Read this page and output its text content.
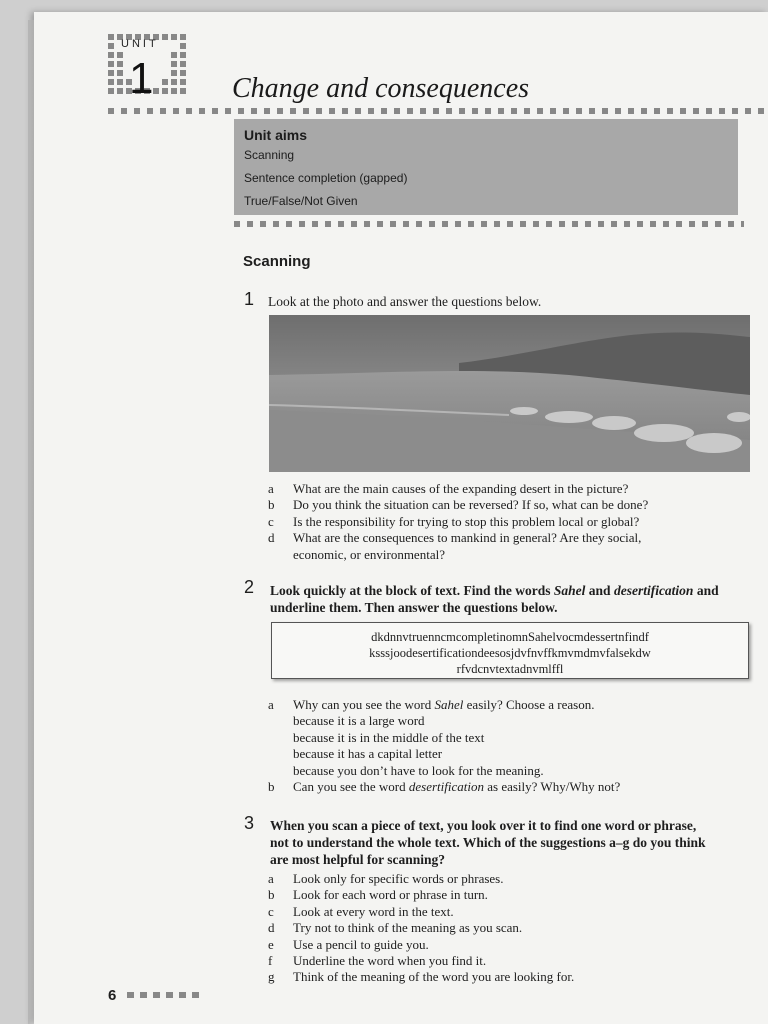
UNIT
1	Change and consequences
Unit aims
Scanning
Sentence completion (gapped)
True/False/Not Given
Scanning
1 Look at the photo and answer the questions below.
a	What are the main causes of the expanding desert in the picture?
b	Do you think the situation can be reversed? If so, what can be done?
c	Is the responsibility for trying to stop this problem local or global?
d	What are the consequences to mankind in general? Are they social,
economic, or environmental?
2 Look quickly at the block of text. Find the words Sahel and desertification and
underline them. Then answer the questions below.
dkdnnvtruenncmcompletinomnSahelvocmdessertnfindf
ksssjoodesertificationdeesosjdvfnvffkmvmdmvfalsekdw
rfvdcnvtextadnvmlffl
a	Why can you see the word Sahel easily? Choose a reason.
because it is a large word
because it is in the middle of the text
because it has a capital letter
because you don’t have to look for the meaning.
b	Can you see the word desertification as easily? Why/Why not?
3 When you scan a piece of text, you look over it to find one word or phrase,
not to understand the whole text. Which of the suggestions a–g do you think
are most helpful for scanning?
a	Look only for specific words or phrases.
b	Look for each word or phrase in turn.
c	Look at every word in the text.
d	Try not to think of the meaning as you scan.
e	Use a pencil to guide you.
f	Underline the word when you find it.
g	Think of the meaning of the word you are looking for.
6
